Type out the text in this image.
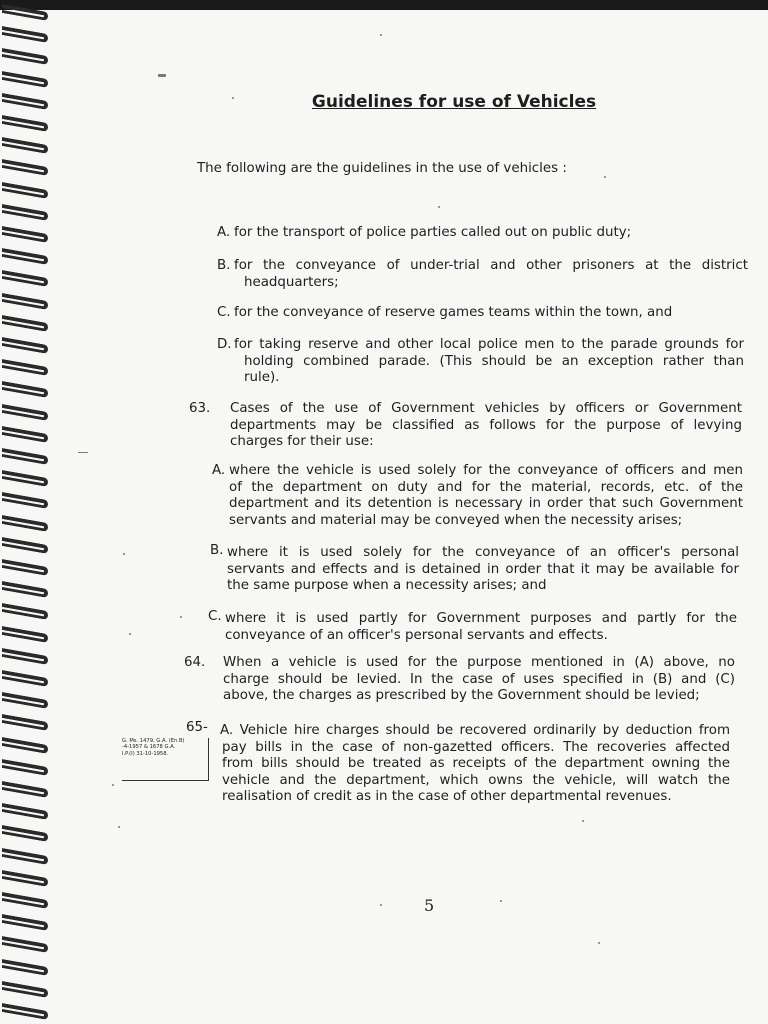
Guidelines for use of Vehicles
The following are the guidelines in the use of vehicles :
A. for the transport of police parties called out on public duty;
B. for the conveyance of under-trial and other prisoners at the district
headquarters;
C. for the conveyance of reserve games teams within the town, and
D. for taking reserve and other local police men to the parade grounds for
holding combined parade. (This should be an exception rather than
rule).
63. Cases of the use of Government vehicles by officers or Government
departments may be classified as follows for the purpose of levying
charges for their use:
A. where the vehicle is used solely for the conveyance of officers and men
of the department on duty and for the material, records, etc. of the
department and its detention is necessary in order that such Government
servants and material may be conveyed when the necessity arises;
B. where it is used solely for the conveyance of an officer's personal
servants and effects and is detained in order that it may be available for
the same purpose when a necessity arises; and
C. where it is used partly for Government purposes and partly for the
conveyance of an officer's personal servants and effects.
64. When a vehicle is used for the purpose mentioned in (A) above, no
charge should be levied. In the case of uses specified in (B) and (C)
above, the charges as prescribed by the Government should be levied;
G. Ms. 1479, G.A. (En.B)
-4-1957 & 1678 G.A.
I.P.(I) 31-10-1958.
65- A. Vehicle hire charges should be recovered ordinarily by deduction from
pay bills in the case of non-gazetted officers. The recoveries affected
from bills should be treated as receipts of the department owning the
vehicle and the department, which owns the vehicle, will watch the
realisation of credit as in the case of other departmental revenues.
5
